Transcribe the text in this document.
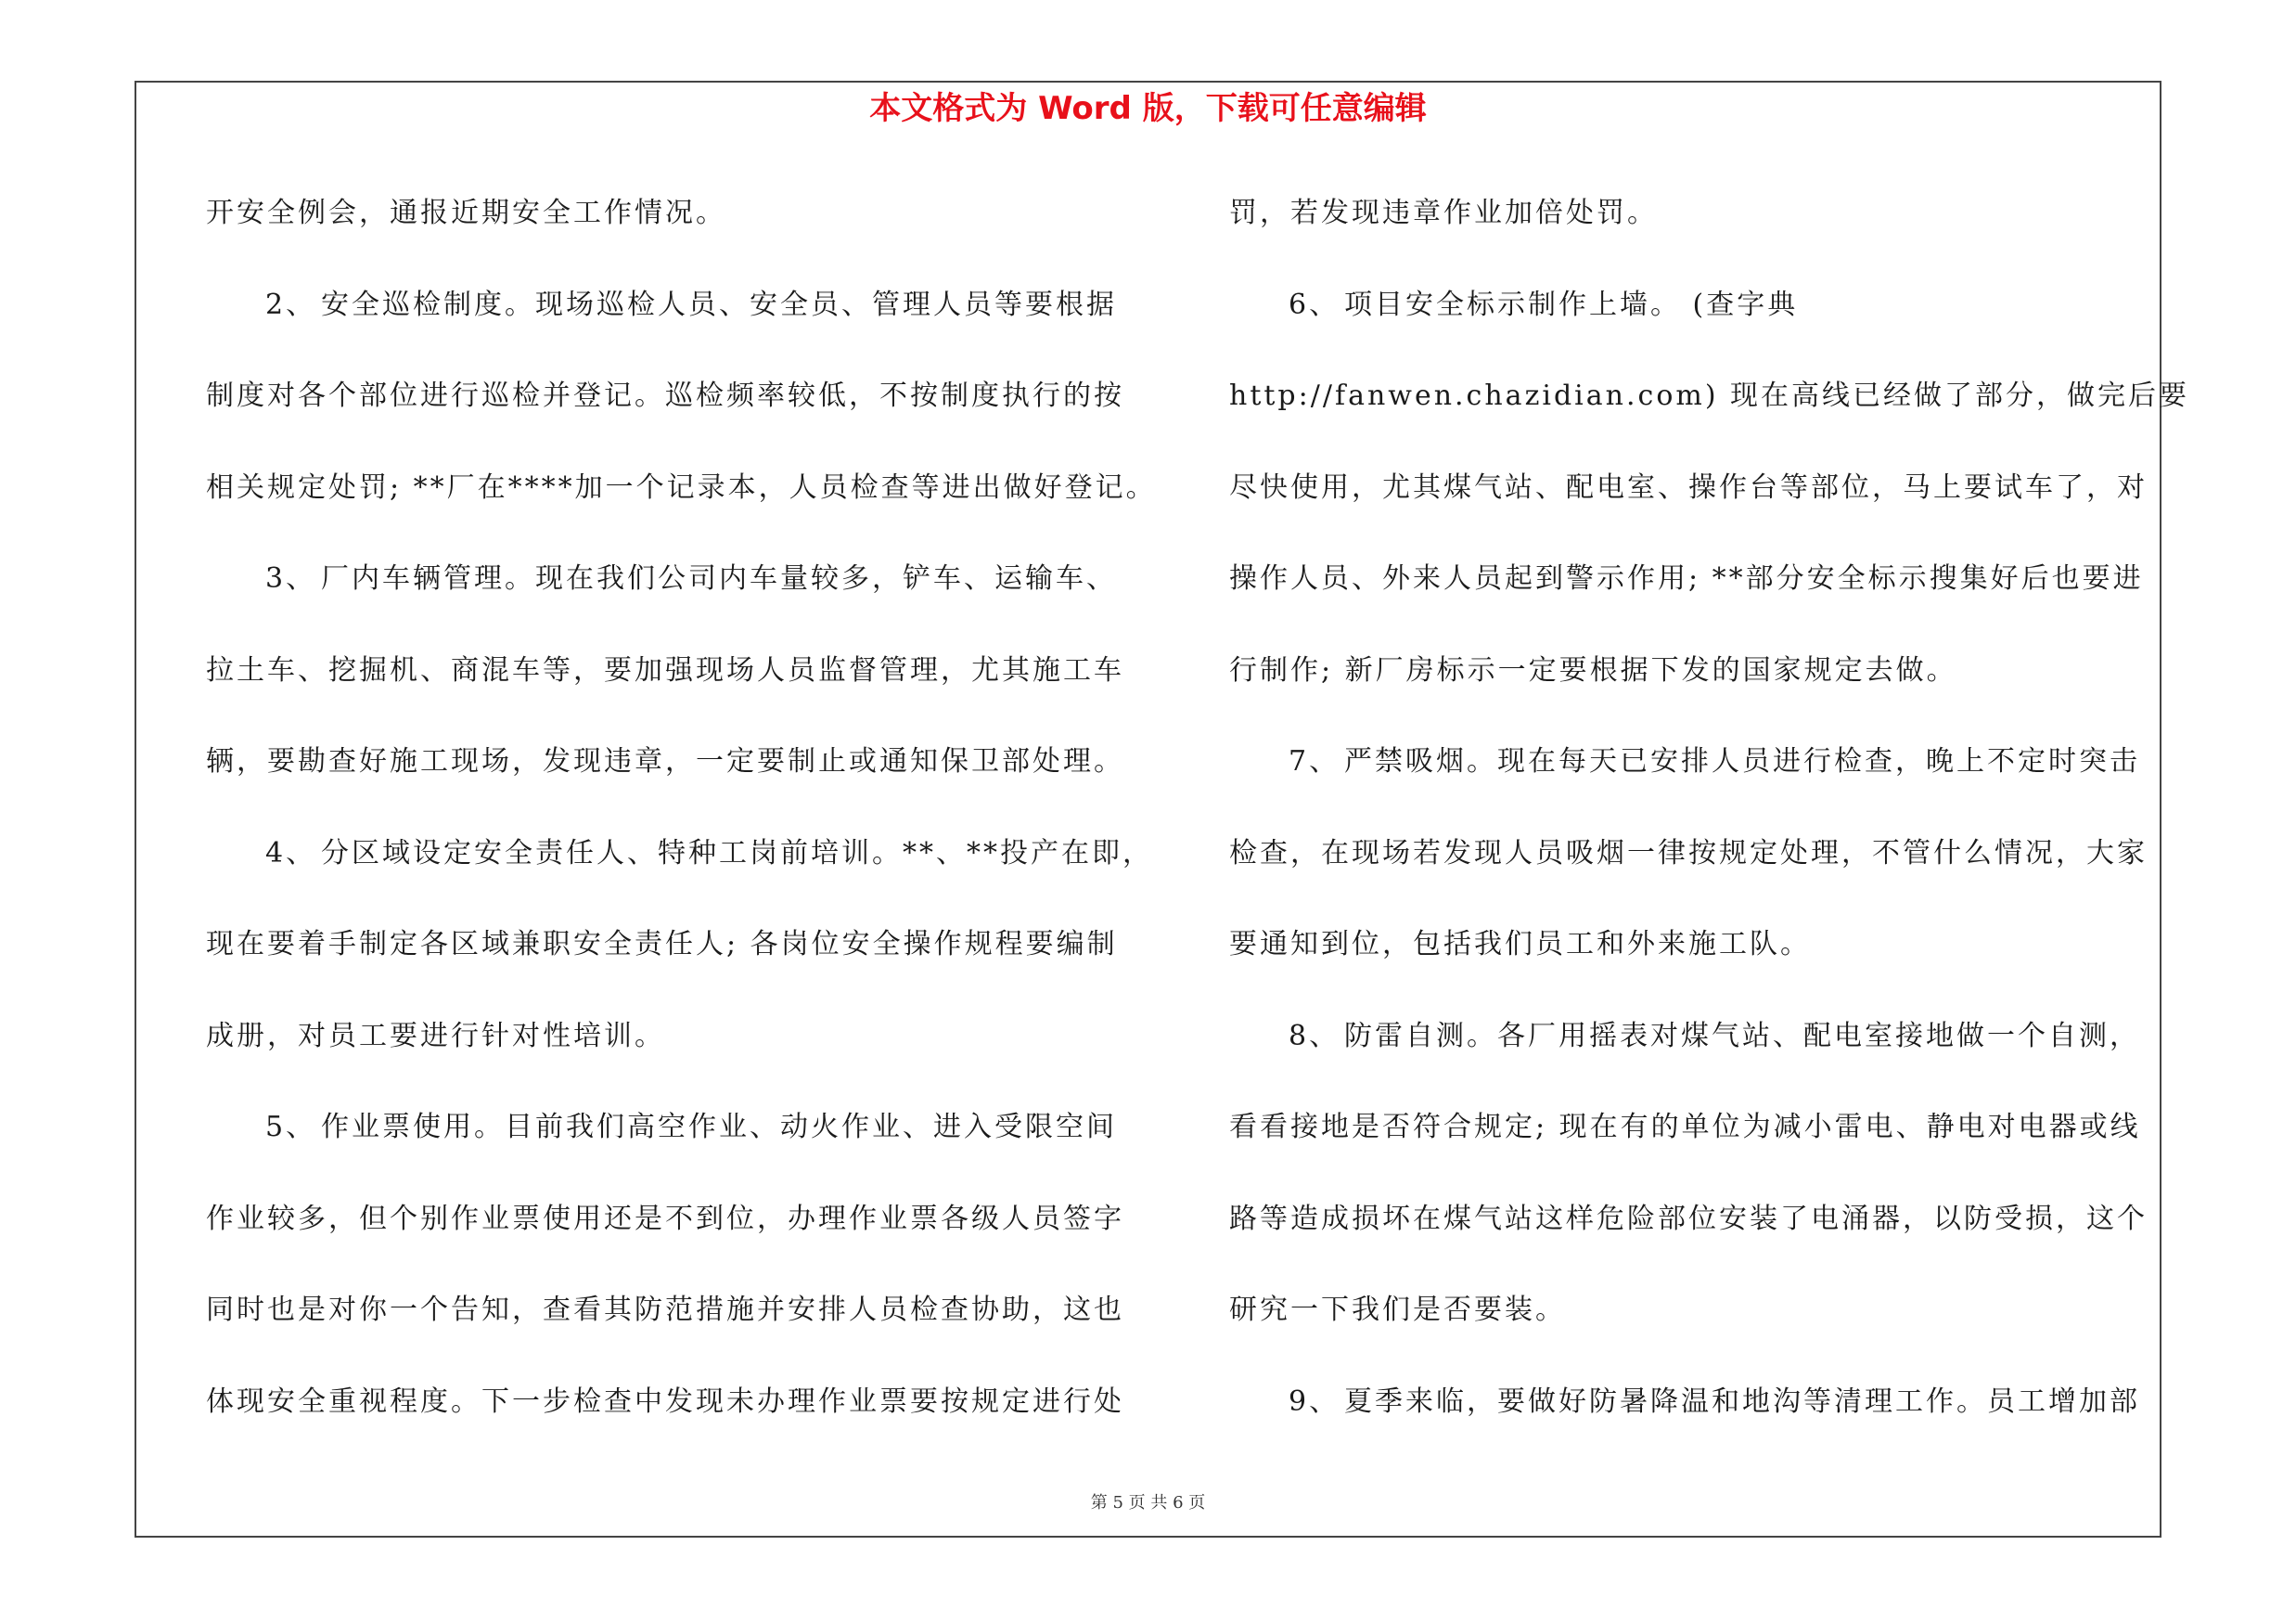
本文格式为 Word 版，下载可任意编辑

开安全例会，通报近期安全工作情况。

2、 安全巡检制度。现场巡检人员、安全员、管理人员等要根据

制度对各个部位进行巡检并登记。巡检频率较低，不按制度执行的按

相关规定处罚; **厂在****加一个记录本，人员检查等进出做好登记。

3、 厂内车辆管理。现在我们公司内车量较多，铲车、运输车、

拉土车、挖掘机、商混车等，要加强现场人员监督管理，尤其施工车

辆，要勘查好施工现场，发现违章，一定要制止或通知保卫部处理。

4、 分区域设定安全责任人、特种工岗前培训。**、**投产在即，

现在要着手制定各区域兼职安全责任人; 各岗位安全操作规程要编制

成册，对员工要进行针对性培训。

5、 作业票使用。目前我们高空作业、动火作业、进入受限空间

作业较多，但个别作业票使用还是不到位，办理作业票各级人员签字

同时也是对你一个告知，查看其防范措施并安排人员检查协助，这也

体现安全重视程度。下一步检查中发现未办理作业票要按规定进行处

罚，若发现违章作业加倍处罚。

6、 项目安全标示制作上墙。 (查字典

http://fanwen.chazidian.com) 现在高线已经做了部分，做完后要

尽快使用，尤其煤气站、配电室、操作台等部位，马上要试车了，对

操作人员、外来人员起到警示作用; **部分安全标示搜集好后也要进

行制作; 新厂房标示一定要根据下发的国家规定去做。

7、 严禁吸烟。现在每天已安排人员进行检查，晚上不定时突击

检查，在现场若发现人员吸烟一律按规定处理，不管什么情况，大家

要通知到位，包括我们员工和外来施工队。

8、 防雷自测。各厂用摇表对煤气站、配电室接地做一个自测，

看看接地是否符合规定; 现在有的单位为减小雷电、静电对电器或线

路等造成损坏在煤气站这样危险部位安装了电涌器，以防受损，这个

研究一下我们是否要装。

9、 夏季来临，要做好防暑降温和地沟等清理工作。员工增加部

第 5 页 共 6 页
